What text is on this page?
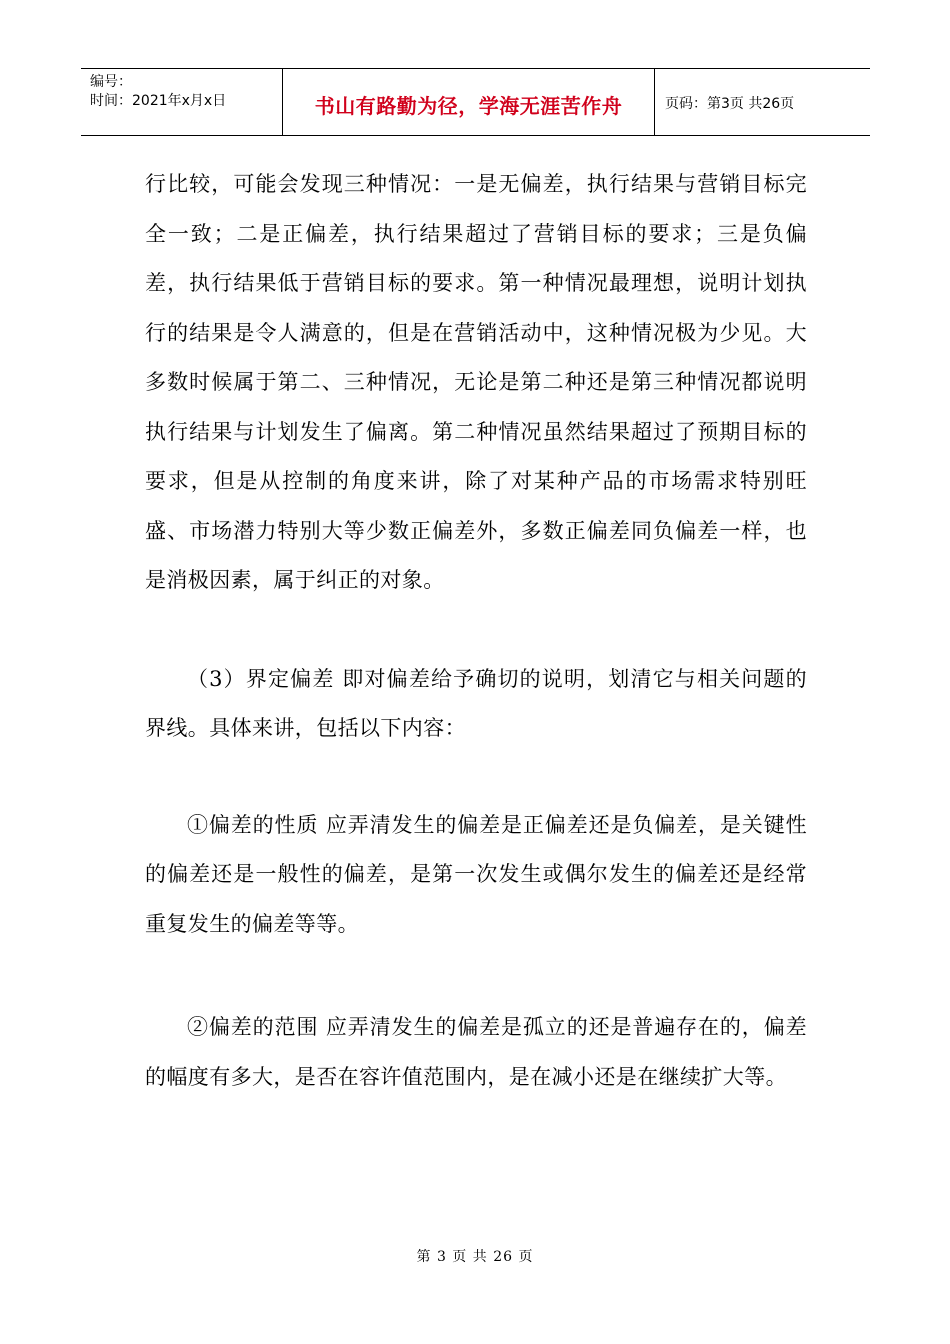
编号：
时间：2021年x月x日	书山有路勤为径，学海无涯苦作舟	页码：第3页 共26页

行比较，可能会发现三种情况：一是无偏差，执行结果与营销目标完全一致；二是正偏差，执行结果超过了营销目标的要求；三是负偏差，执行结果低于营销目标的要求。第一种情况最理想，说明计划执行的结果是令人满意的，但是在营销活动中，这种情况极为少见。大多数时候属于第二、三种情况，无论是第二种还是第三种情况都说明执行结果与计划发生了偏离。第二种情况虽然结果超过了预期目标的要求，但是从控制的角度来讲，除了对某种产品的市场需求特别旺盛、市场潜力特别大等少数正偏差外，多数正偏差同负偏差一样，也是消极因素，属于纠正的对象。

（3）界定偏差 即对偏差给予确切的说明，划清它与相关问题的界线。具体来讲，包括以下内容：

①偏差的性质 应弄清发生的偏差是正偏差还是负偏差，是关键性的偏差还是一般性的偏差，是第一次发生或偶尔发生的偏差还是经常重复发生的偏差等等。

②偏差的范围 应弄清发生的偏差是孤立的还是普遍存在的，偏差的幅度有多大，是否在容许值范围内，是在减小还是在继续扩大等。

第 3 页 共 26 页
